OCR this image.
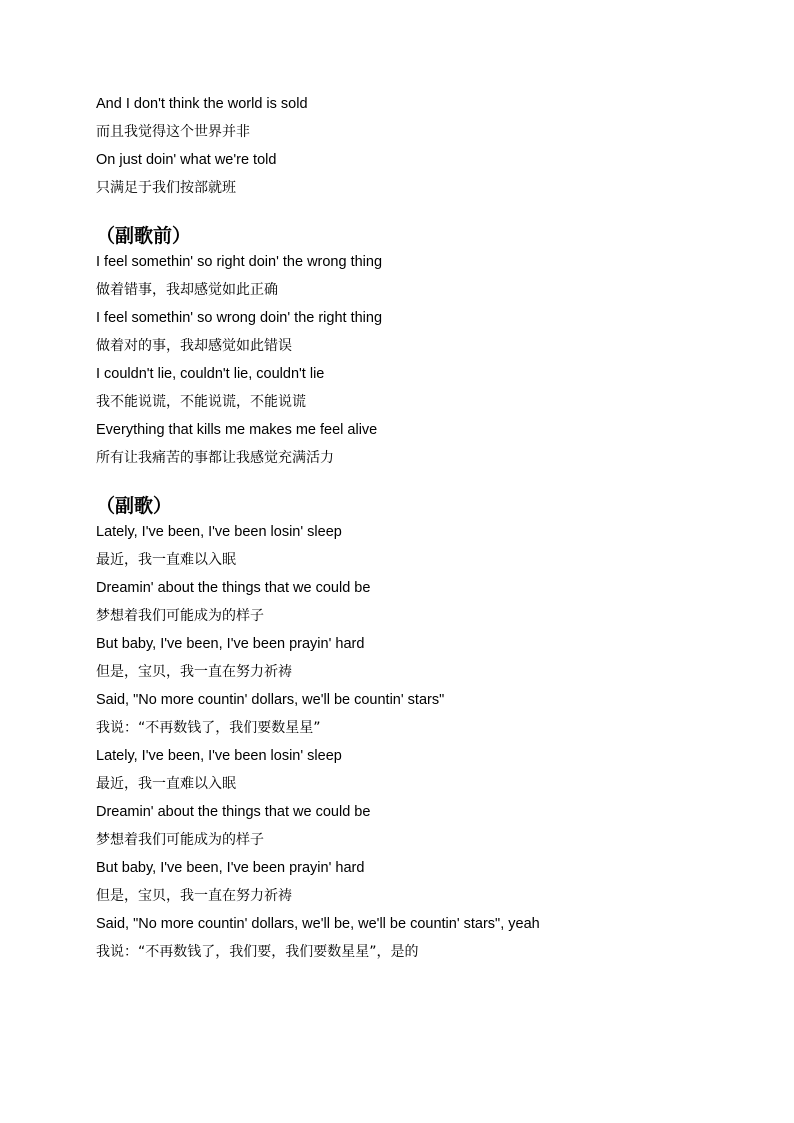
And I don't think the world is sold
而且我觉得这个世界并非
On just doin' what we're told
只满足于我们按部就班
（副歌前）
I feel somethin' so right doin' the wrong thing
做着错事，我却感觉如此正确
I feel somethin' so wrong doin' the right thing
做着对的事，我却感觉如此错误
I couldn't lie, couldn't lie, couldn't lie
我不能说谎，不能说谎，不能说谎
Everything that kills me makes me feel alive
所有让我痛苦的事都让我感觉充满活力
（副歌）
Lately, I've been, I've been losin' sleep
最近，我一直难以入眠
Dreamin' about the things that we could be
梦想着我们可能成为的样子
But baby, I've been, I've been prayin' hard
但是，宝贝，我一直在努力祈祷
Said, "No more countin' dollars, we'll be countin' stars"
我说：“不再数钱了，我们要数星星”
Lately, I've been, I've been losin' sleep
最近，我一直难以入眠
Dreamin' about the things that we could be
梦想着我们可能成为的样子
But baby, I've been, I've been prayin' hard
但是，宝贝，我一直在努力祈祷
Said, "No more countin' dollars, we'll be, we'll be countin' stars", yeah
我说：“不再数钱了，我们要，我们要数星星”，是的
